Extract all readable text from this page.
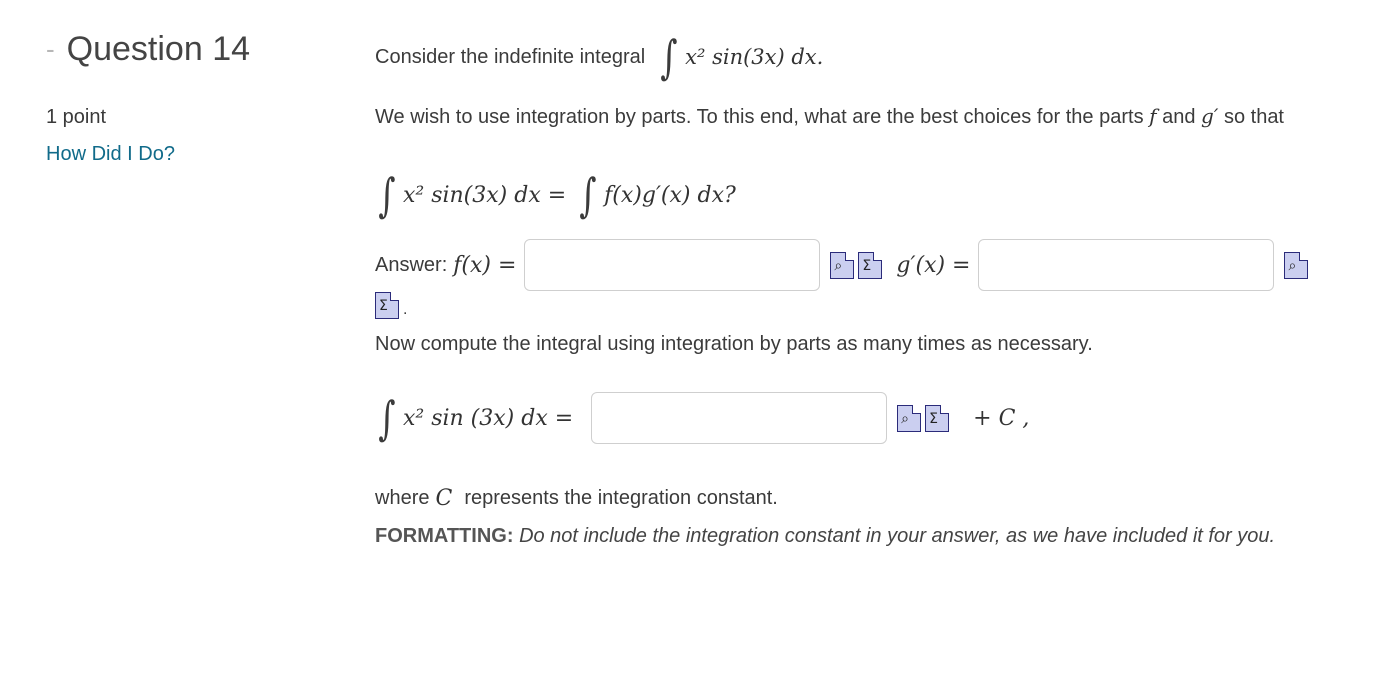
- Question 14
1 point
How Did I Do?
Consider the indefinite integral ∫ x² sin(3x) dx.
We wish to use integration by parts. To this end, what are the best choices for the parts f and g′ so that
∫ x² sin(3x) dx = ∫ f(x)g′(x) dx?
Answer: f(x) =	⌕ Σ g′(x) =	⌕
Σ .
Now compute the integral using integration by parts as many times as necessary.
∫ x² sin (3x) dx =	⌕ Σ + C ,
where C represents the integration constant.
FORMATTING: Do not include the integration constant in your answer, as we have included it for you.
